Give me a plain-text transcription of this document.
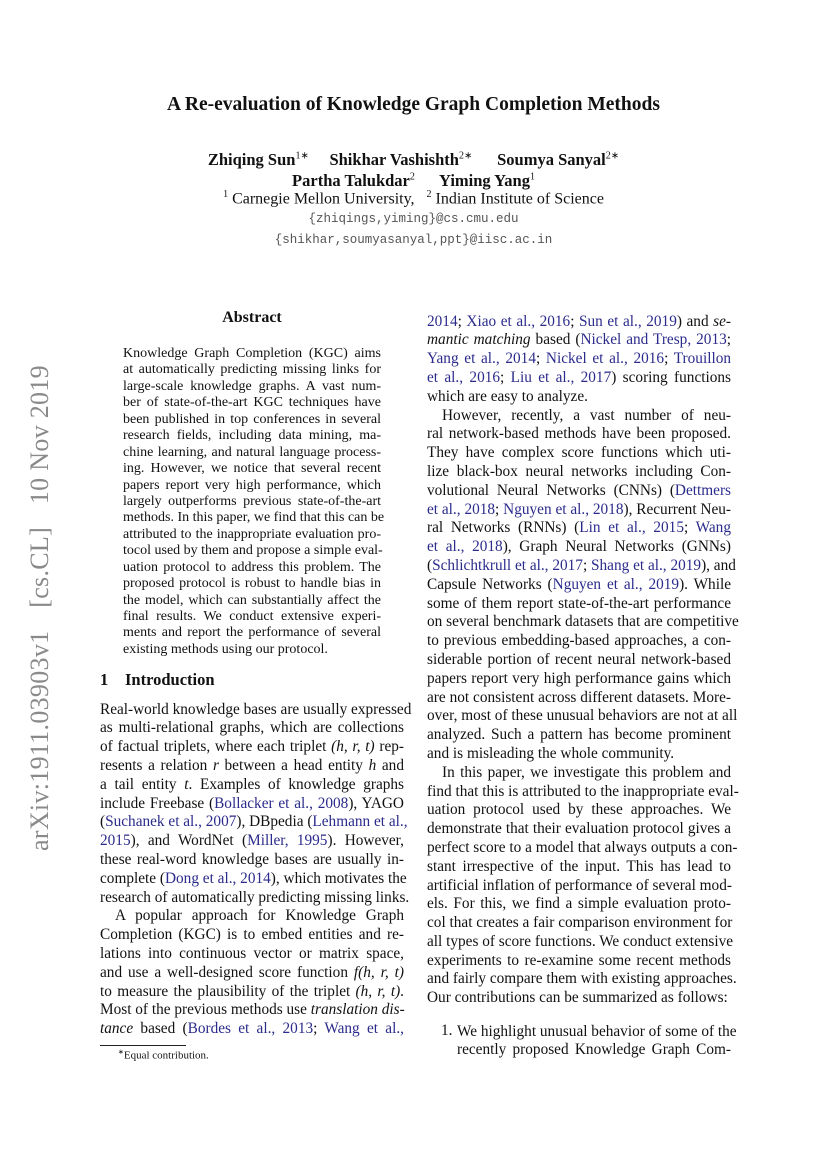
arXiv:1911.03903v1 [cs.CL] 10 Nov 2019
A Re-evaluation of Knowledge Graph Completion Methods
Zhiqing Sun$^{1∗}$ Shikhar Vashishth$^{2∗}$ Soumya Sanyal$^{2∗}$
Partha Talukdar$^2$ Yiming Yang$^1$
$^1$ Carnegie Mellon University, $^2$ Indian Institute of Science
{zhiqings,yiming}@cs.cmu.edu
{shikhar,soumyasanyal,ppt}@iisc.ac.in
Abstract
Knowledge Graph Completion (KGC) aims
at automatically predicting missing links for
large-scale knowledge graphs. A vast num-
ber of state-of-the-art KGC techniques have
been published in top conferences in several
research fields, including data mining, ma-
chine learning, and natural language process-
ing. However, we notice that several recent
papers report very high performance, which
largely outperforms previous state-of-the-art
methods. In this paper, we find that this can be
attributed to the inappropriate evaluation pro-
tocol used by them and propose a simple eval-
uation protocol to address this problem. The
proposed protocol is robust to handle bias in
the model, which can substantially affect the
final results. We conduct extensive experi-
ments and report the performance of several
existing methods using our protocol.
1 Introduction
Real-world knowledge bases are usually expressed
as multi-relational graphs, which are collections
of factual triplets, where each triplet (h, r, t) rep-
resents a relation r between a head entity h and
a tail entity t. Examples of knowledge graphs
include Freebase (Bollacker et al., 2008), YAGO
(Suchanek et al., 2007), DBpedia (Lehmann et al.,
2015), and WordNet (Miller, 1995). However,
these real-word knowledge bases are usually in-
complete (Dong et al., 2014), which motivates the
research of automatically predicting missing links.
A popular approach for Knowledge Graph
Completion (KGC) is to embed entities and re-
lations into continuous vector or matrix space,
and use a well-designed score function f(h, r, t)
to measure the plausibility of the triplet (h, r, t).
Most of the previous methods use translation dis-
tance based (Bordes et al., 2013; Wang et al.,
2014; Xiao et al., 2016; Sun et al., 2019) and se-
mantic matching based (Nickel and Tresp, 2013;
Yang et al., 2014; Nickel et al., 2016; Trouillon
et al., 2016; Liu et al., 2017) scoring functions
which are easy to analyze.
However, recently, a vast number of neu-
ral network-based methods have been proposed.
They have complex score functions which uti-
lize black-box neural networks including Con-
volutional Neural Networks (CNNs) (Dettmers
et al., 2018; Nguyen et al., 2018), Recurrent Neu-
ral Networks (RNNs) (Lin et al., 2015; Wang
et al., 2018), Graph Neural Networks (GNNs)
(Schlichtkrull et al., 2017; Shang et al., 2019), and
Capsule Networks (Nguyen et al., 2019). While
some of them report state-of-the-art performance
on several benchmark datasets that are competitive
to previous embedding-based approaches, a con-
siderable portion of recent neural network-based
papers report very high performance gains which
are not consistent across different datasets. More-
over, most of these unusual behaviors are not at all
analyzed. Such a pattern has become prominent
and is misleading the whole community.
In this paper, we investigate this problem and
find that this is attributed to the inappropriate eval-
uation protocol used by these approaches. We
demonstrate that their evaluation protocol gives a
perfect score to a model that always outputs a con-
stant irrespective of the input. This has lead to
artificial inflation of performance of several mod-
els. For this, we find a simple evaluation proto-
col that creates a fair comparison environment for
all types of score functions. We conduct extensive
experiments to re-examine some recent methods
and fairly compare them with existing approaches.
Our contributions can be summarized as follows:
1. We highlight unusual behavior of some of the
recently proposed Knowledge Graph Com-
∗Equal contribution.
